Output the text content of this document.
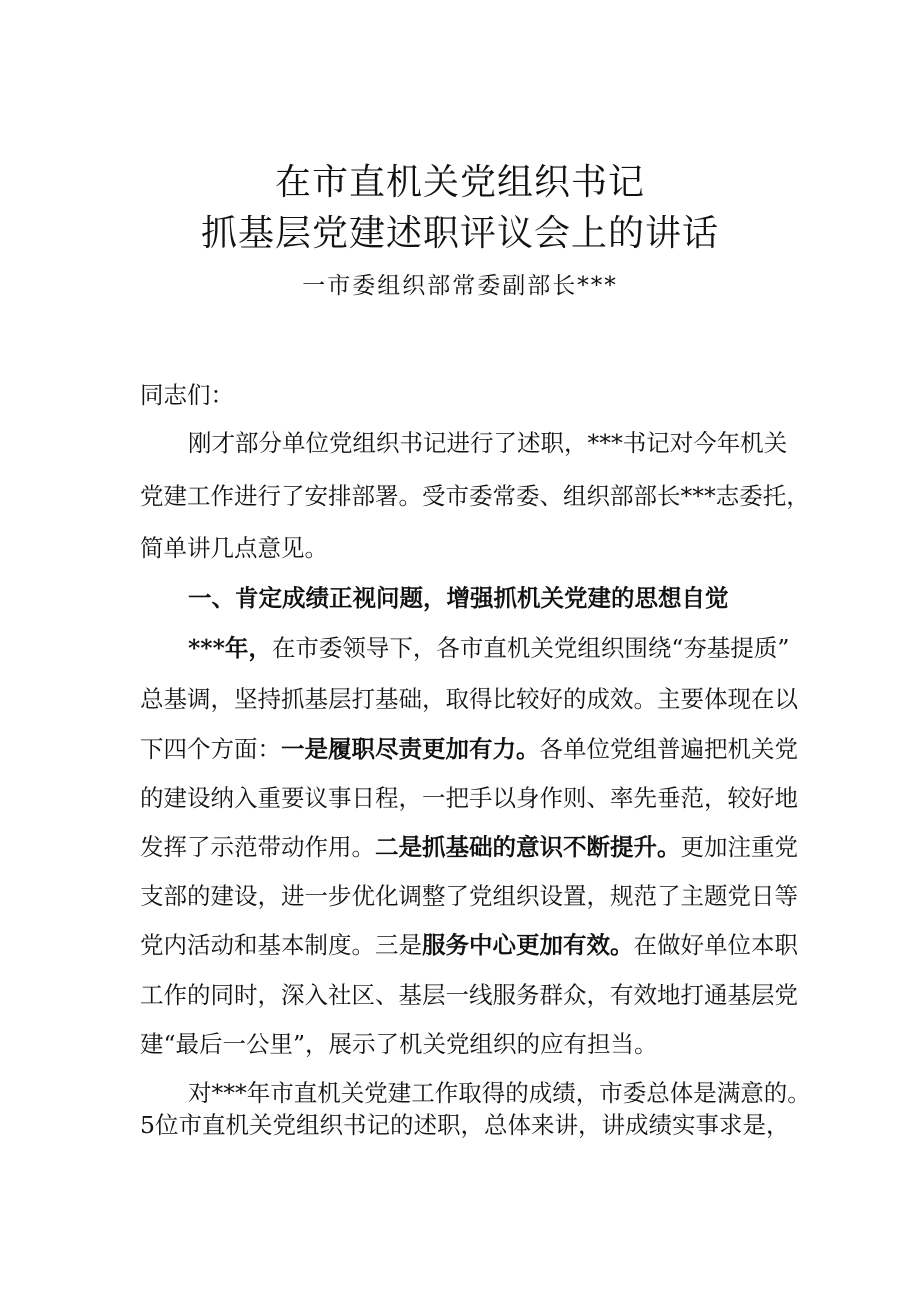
在市直机关党组织书记
抓基层党建述职评议会上的讲话
一市委组织部常委副部长***
同志们：
刚才部分单位党组织书记进行了述职，***书记对今年机关
党建工作进行了安排部署。受市委常委、组织部部长***志委托，
简单讲几点意见。
一、肯定成绩正视问题，增强抓机关党建的思想自觉
***年，在市委领导下，各市直机关党组织围绕“夯基提质”
总基调，坚持抓基层打基础，取得比较好的成效。主要体现在以
下四个方面：一是履职尽责更加有力。各单位党组普遍把机关党
的建设纳入重要议事日程，一把手以身作则、率先垂范，较好地
发挥了示范带动作用。二是抓基础的意识不断提升。更加注重党
支部的建设，进一步优化调整了党组织设置，规范了主题党日等
党内活动和基本制度。三是服务中心更加有效。在做好单位本职
工作的同时，深入社区、基层一线服务群众，有效地打通基层党
建“最后一公里”，展示了机关党组织的应有担当。
对***年市直机关党建工作取得的成绩，市委总体是满意的。
5位市直机关党组织书记的述职，总体来讲，讲成绩实事求是，
